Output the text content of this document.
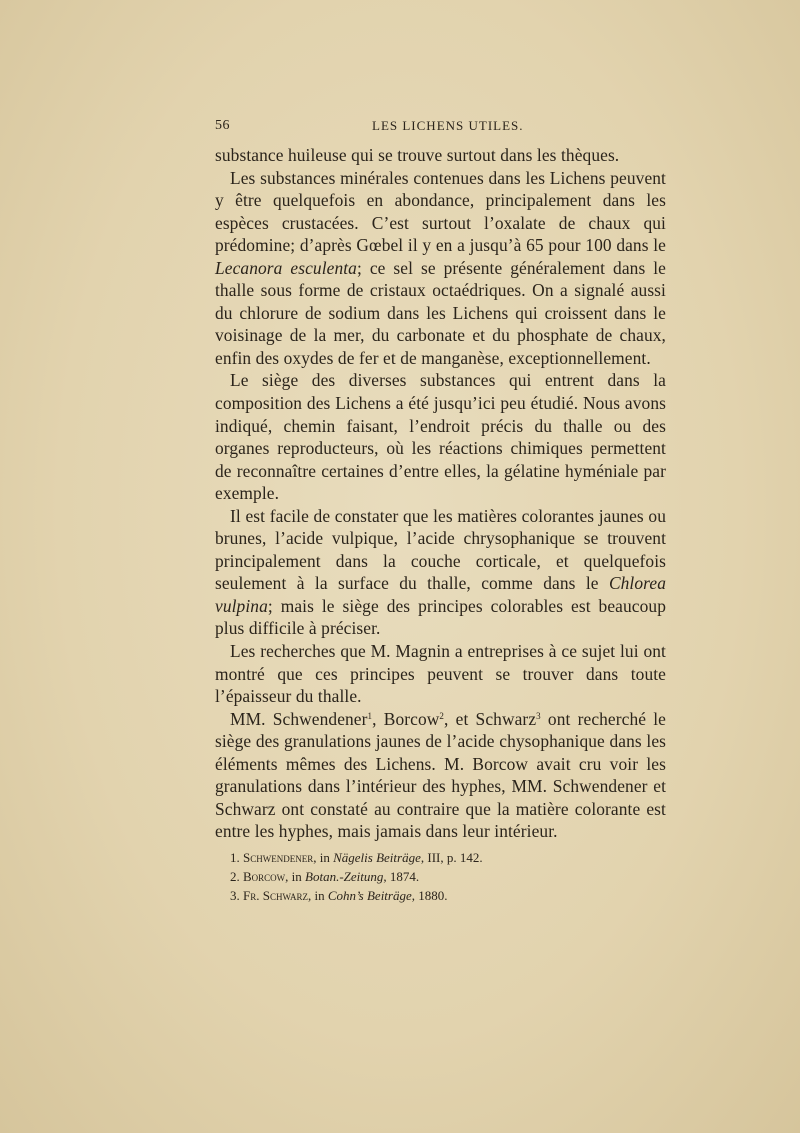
56	LES LICHENS UTILES.

substance huileuse qui se trouve surtout dans les thèques.

Les substances minérales contenues dans les Lichens peuvent y être quelquefois en abondance, principalement dans les espèces crustacées. C’est surtout l’oxalate de chaux qui prédomine; d’après Gœbel il y en a jusqu’à 65 pour 100 dans le Lecanora esculenta; ce sel se présente généralement dans le thalle sous forme de cristaux octaédriques. On a signalé aussi du chlorure de sodium dans les Lichens qui croissent dans le voisinage de la mer, du carbonate et du phosphate de chaux, enfin des oxydes de fer et de manganèse, exceptionnellement.

Le siège des diverses substances qui entrent dans la composition des Lichens a été jusqu’ici peu étudié. Nous avons indiqué, chemin faisant, l’endroit précis du thalle ou des organes reproducteurs, où les réactions chimiques permettent de reconnaître certaines d’entre elles, la gélatine hyméniale par exemple.

Il est facile de constater que les matières colorantes jaunes ou brunes, l’acide vulpique, l’acide chrysophanique se trouvent principalement dans la couche corticale, et quelquefois seulement à la surface du thalle, comme dans le Chlorea vulpina; mais le siège des principes colorables est beaucoup plus difficile à préciser.

Les recherches que M. Magnin a entreprises à ce sujet lui ont montré que ces principes peuvent se trouver dans toute l’épaisseur du thalle.

MM. Schwendener$^1$, Borcow$^2$, et Schwarz$^3$ ont recherché le siège des granulations jaunes de l’acide chysophanique dans les éléments mêmes des Lichens. M. Borcow avait cru voir les granulations dans l’intérieur des hyphes, MM. Schwendener et Schwarz ont constaté au contraire que la matière colorante est entre les hyphes, mais jamais dans leur intérieur.

1. Schwendener, in Nägelis Beiträge, III, p. 142.

2. Borcow, in Botan.-Zeitung, 1874.

3. Fr. Schwarz, in Cohn’s Beiträge, 1880.
